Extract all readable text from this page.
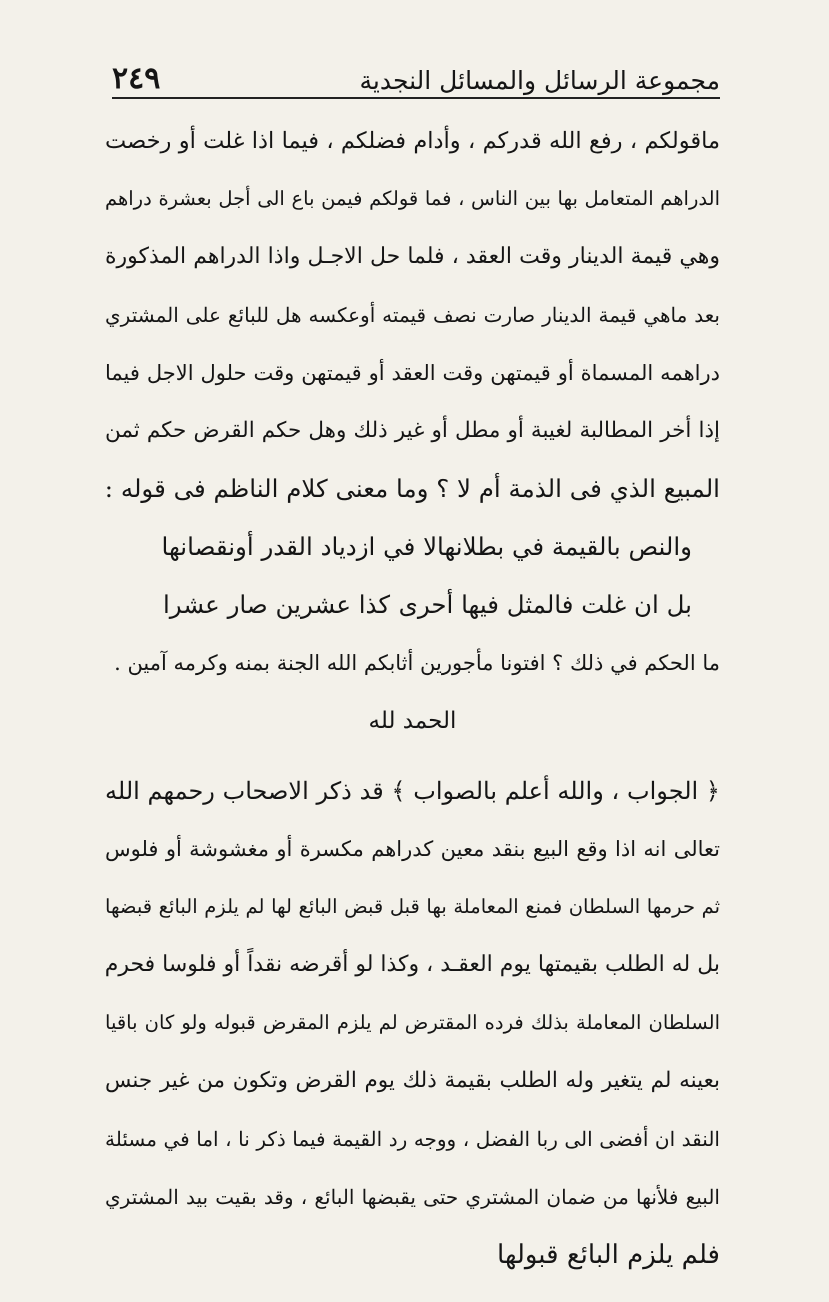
٢٤٩	مجموعة الرسائل والمسائل النجدية
ماقولكم ، رفع الله قدركم ، وأدام فضلكم ، فيما اذا غلت أو رخصت
الدراهم المتعامل بها بين الناس ، فما قولكم فيمن باع الى أجل بعشرة دراهم
وهي قيمة الدينار وقت العقد ، فلما حل الاجـل واذا الدراهم المذكورة
بعد ماهي قيمة الدينار صارت نصف قيمته أوعكسه هل للبائع على المشتري
دراهمه المسماة أو قيمتهن وقت العقد أو قيمتهن وقت حلول الاجل فيما
إذا أخر المطالبة لغيبة أو مطل أو غير ذلك وهل حكم القرض حكم ثمن
المبيع الذي فى الذمة أم لا ؟ وما معنى كلام الناظم فى قوله :
والنص بالقيمة في بطلانها
لا في ازدياد القدر أونقصانها
بل ان غلت فالمثل فيها أحرى
كذا عشرين صار عشرا
ما الحكم في ذلك ؟ افتونا مأجورين أثابكم الله الجنة بمنه وكرمه آمين .
الحمد لله
﴿ الجواب ، والله أعلم بالصواب ﴾ قد ذكر الاصحاب رحمهم الله
تعالى انه اذا وقع البيع بنقد معين كدراهم مكسرة أو مغشوشة أو فلوس
ثم حرمها السلطان فمنع المعاملة بها قبل قبض البائع لها لم يلزم البائع قبضها
بل له الطلب بقيمتها يوم العقـد ، وكذا لو أقرضه نقداً أو فلوسا فحرم
السلطان المعاملة بذلك فرده المقترض لم يلزم المقرض قبوله ولو كان باقيا
بعينه لم يتغير وله الطلب بقيمة ذلك يوم القرض وتكون من غير جنس
النقد ان أفضى الى ربا الفضل ، ووجه رد القيمة فيما ذكر نا ، اما في مسئلة
البيع فلأنها من ضمان المشتري حتى يقبضها البائع ، وقد بقيت بيد المشتري
فلم يلزم البائع قبولها
